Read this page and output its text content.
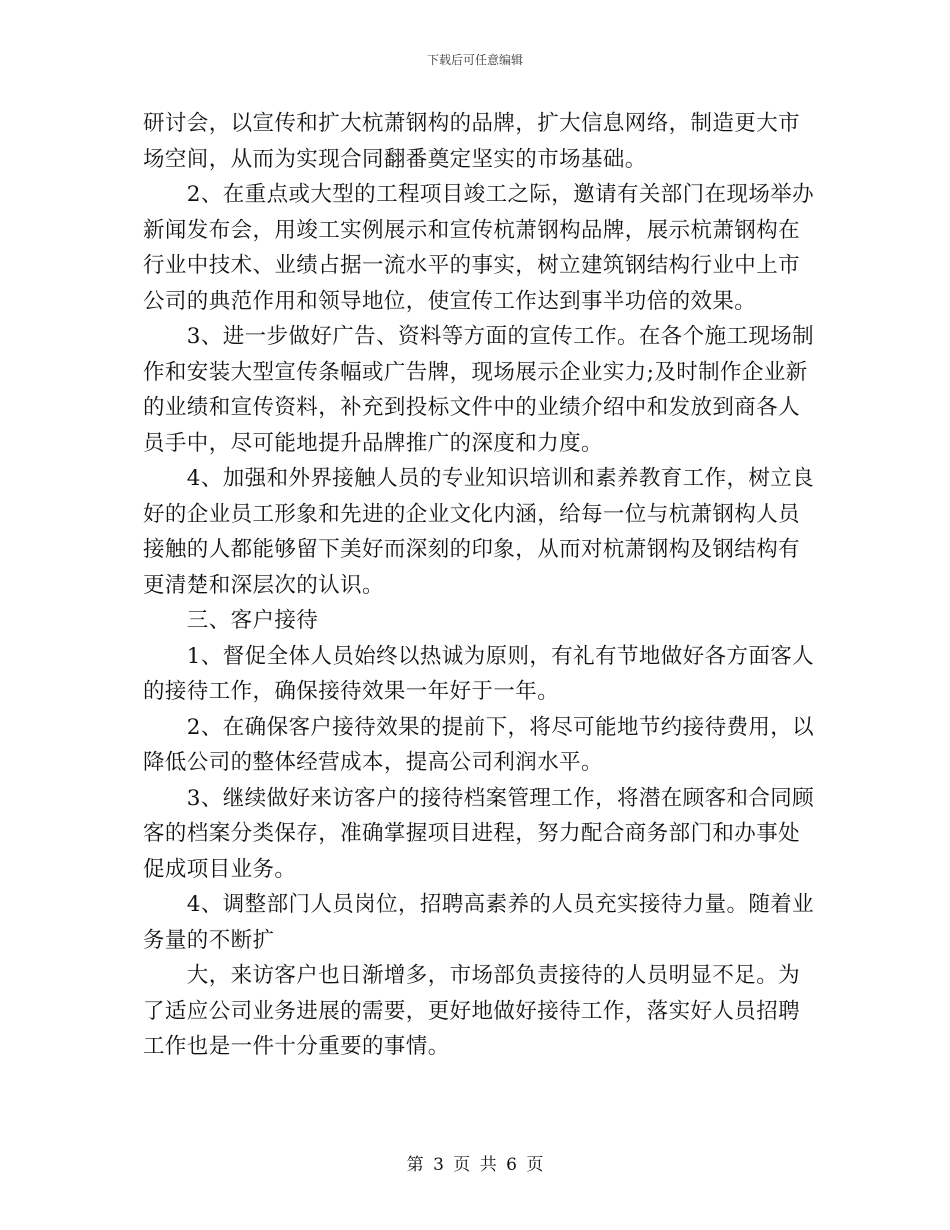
下载后可任意编辑
研讨会，以宣传和扩大杭萧钢构的品牌，扩大信息网络，制造更大市
场空间，从而为实现合同翻番奠定坚实的市场基础。
　　2、在重点或大型的工程项目竣工之际，邀请有关部门在现场举办
新闻发布会，用竣工实例展示和宣传杭萧钢构品牌，展示杭萧钢构在
行业中技术、业绩占据一流水平的事实，树立建筑钢结构行业中上市
公司的典范作用和领导地位，使宣传工作达到事半功倍的效果。
　　3、进一步做好广告、资料等方面的宣传工作。在各个施工现场制
作和安装大型宣传条幅或广告牌，现场展示企业实力;及时制作企业新
的业绩和宣传资料，补充到投标文件中的业绩介绍中和发放到商各人
员手中，尽可能地提升品牌推广的深度和力度。
　　4、加强和外界接触人员的专业知识培训和素养教育工作，树立良
好的企业员工形象和先进的企业文化内涵，给每一位与杭萧钢构人员
接触的人都能够留下美好而深刻的印象，从而对杭萧钢构及钢结构有
更清楚和深层次的认识。
　　三、客户接待
　　1、督促全体人员始终以热诚为原则，有礼有节地做好各方面客人
的接待工作，确保接待效果一年好于一年。
　　2、在确保客户接待效果的提前下，将尽可能地节约接待费用，以
降低公司的整体经营成本，提高公司利润水平。
　　3、继续做好来访客户的接待档案管理工作，将潜在顾客和合同顾
客的档案分类保存，准确掌握项目进程，努力配合商务部门和办事处
促成项目业务。
　　4、调整部门人员岗位，招聘高素养的人员充实接待力量。随着业
务量的不断扩
　　大，来访客户也日渐增多，市场部负责接待的人员明显不足。为
了适应公司业务进展的需要，更好地做好接待工作，落实好人员招聘
工作也是一件十分重要的事情。
第 3 页 共 6 页
